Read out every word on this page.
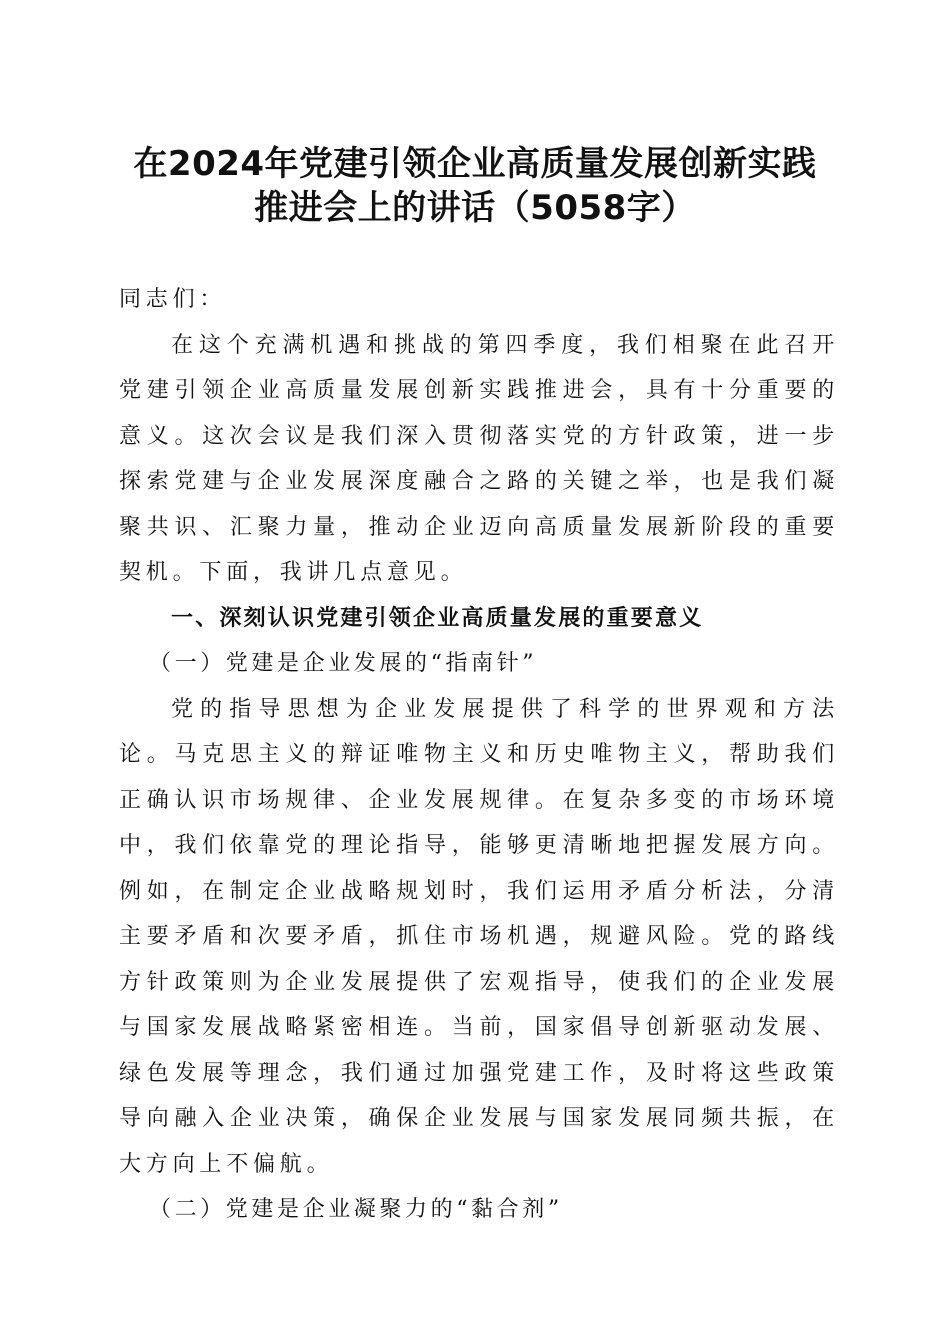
在2024年党建引领企业高质量发展创新实践
推进会上的讲话（5058字）

同志们：

在这个充满机遇和挑战的第四季度，我们相聚在此召开党建引领企业高质量发展创新实践推进会，具有十分重要的意义。这次会议是我们深入贯彻落实党的方针政策，进一步探索党建与企业发展深度融合之路的关键之举，也是我们凝聚共识、汇聚力量，推动企业迈向高质量发展新阶段的重要契机。下面，我讲几点意见。

一、深刻认识党建引领企业高质量发展的重要意义

（一）党建是企业发展的“指南针”

党的指导思想为企业发展提供了科学的世界观和方法论。马克思主义的辩证唯物主义和历史唯物主义，帮助我们正确认识市场规律、企业发展规律。在复杂多变的市场环境中，我们依靠党的理论指导，能够更清晰地把握发展方向。例如，在制定企业战略规划时，我们运用矛盾分析法，分清主要矛盾和次要矛盾，抓住市场机遇，规避风险。党的路线方针政策则为企业发展提供了宏观指导，使我们的企业发展与国家发展战略紧密相连。当前，国家倡导创新驱动发展、绿色发展等理念，我们通过加强党建工作，及时将这些政策导向融入企业决策，确保企业发展与国家发展同频共振，在大方向上不偏航。

（二）党建是企业凝聚力的“黏合剂”
